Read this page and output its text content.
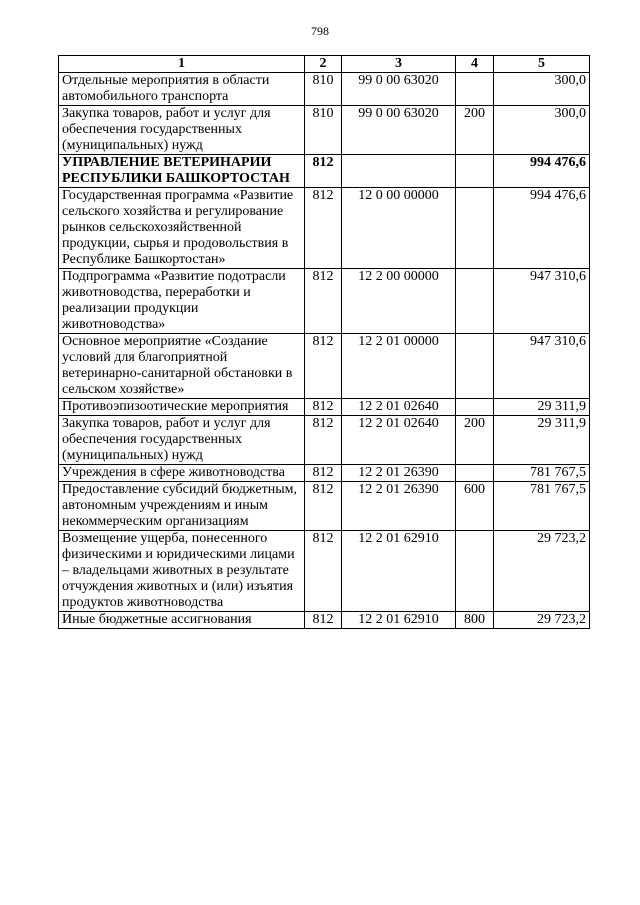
798
1	2	3	4	5
Отдельные мероприятия в области автомобильного транспорта	810	99 0 00 63020		300,0
Закупка товаров, работ и услуг для обеспечения государственных (муниципальных) нужд	810	99 0 00 63020	200	300,0
УПРАВЛЕНИЕ ВЕТЕРИНАРИИ РЕСПУБЛИКИ БАШКОРТОСТАН	812			994 476,6
Государственная программа «Развитие сельского хозяйства и регулирование рынков сельскохозяйственной продукции, сырья и продовольствия в Республике Башкортостан»	812	12 0 00 00000		994 476,6
Подпрограмма «Развитие подотрасли животноводства, переработки и реализации продукции животноводства»	812	12 2 00 00000		947 310,6
Основное мероприятие «Создание условий для благоприятной ветеринарно-санитарной обстановки в сельском хозяйстве»	812	12 2 01 00000		947 310,6
Противоэпизоотические мероприятия	812	12 2 01 02640		29 311,9
Закупка товаров, работ и услуг для обеспечения государственных (муниципальных) нужд	812	12 2 01 02640	200	29 311,9
Учреждения в сфере животноводства	812	12 2 01 26390		781 767,5
Предоставление субсидий бюджетным, автономным учреждениям и иным некоммерческим организациям	812	12 2 01 26390	600	781 767,5
Возмещение ущерба, понесенного физическими и юридическими лицами – владельцами животных в результате отчуждения животных и (или) изъятия продуктов животноводства	812	12 2 01 62910		29 723,2
Иные бюджетные ассигнования	812	12 2 01 62910	800	29 723,2
